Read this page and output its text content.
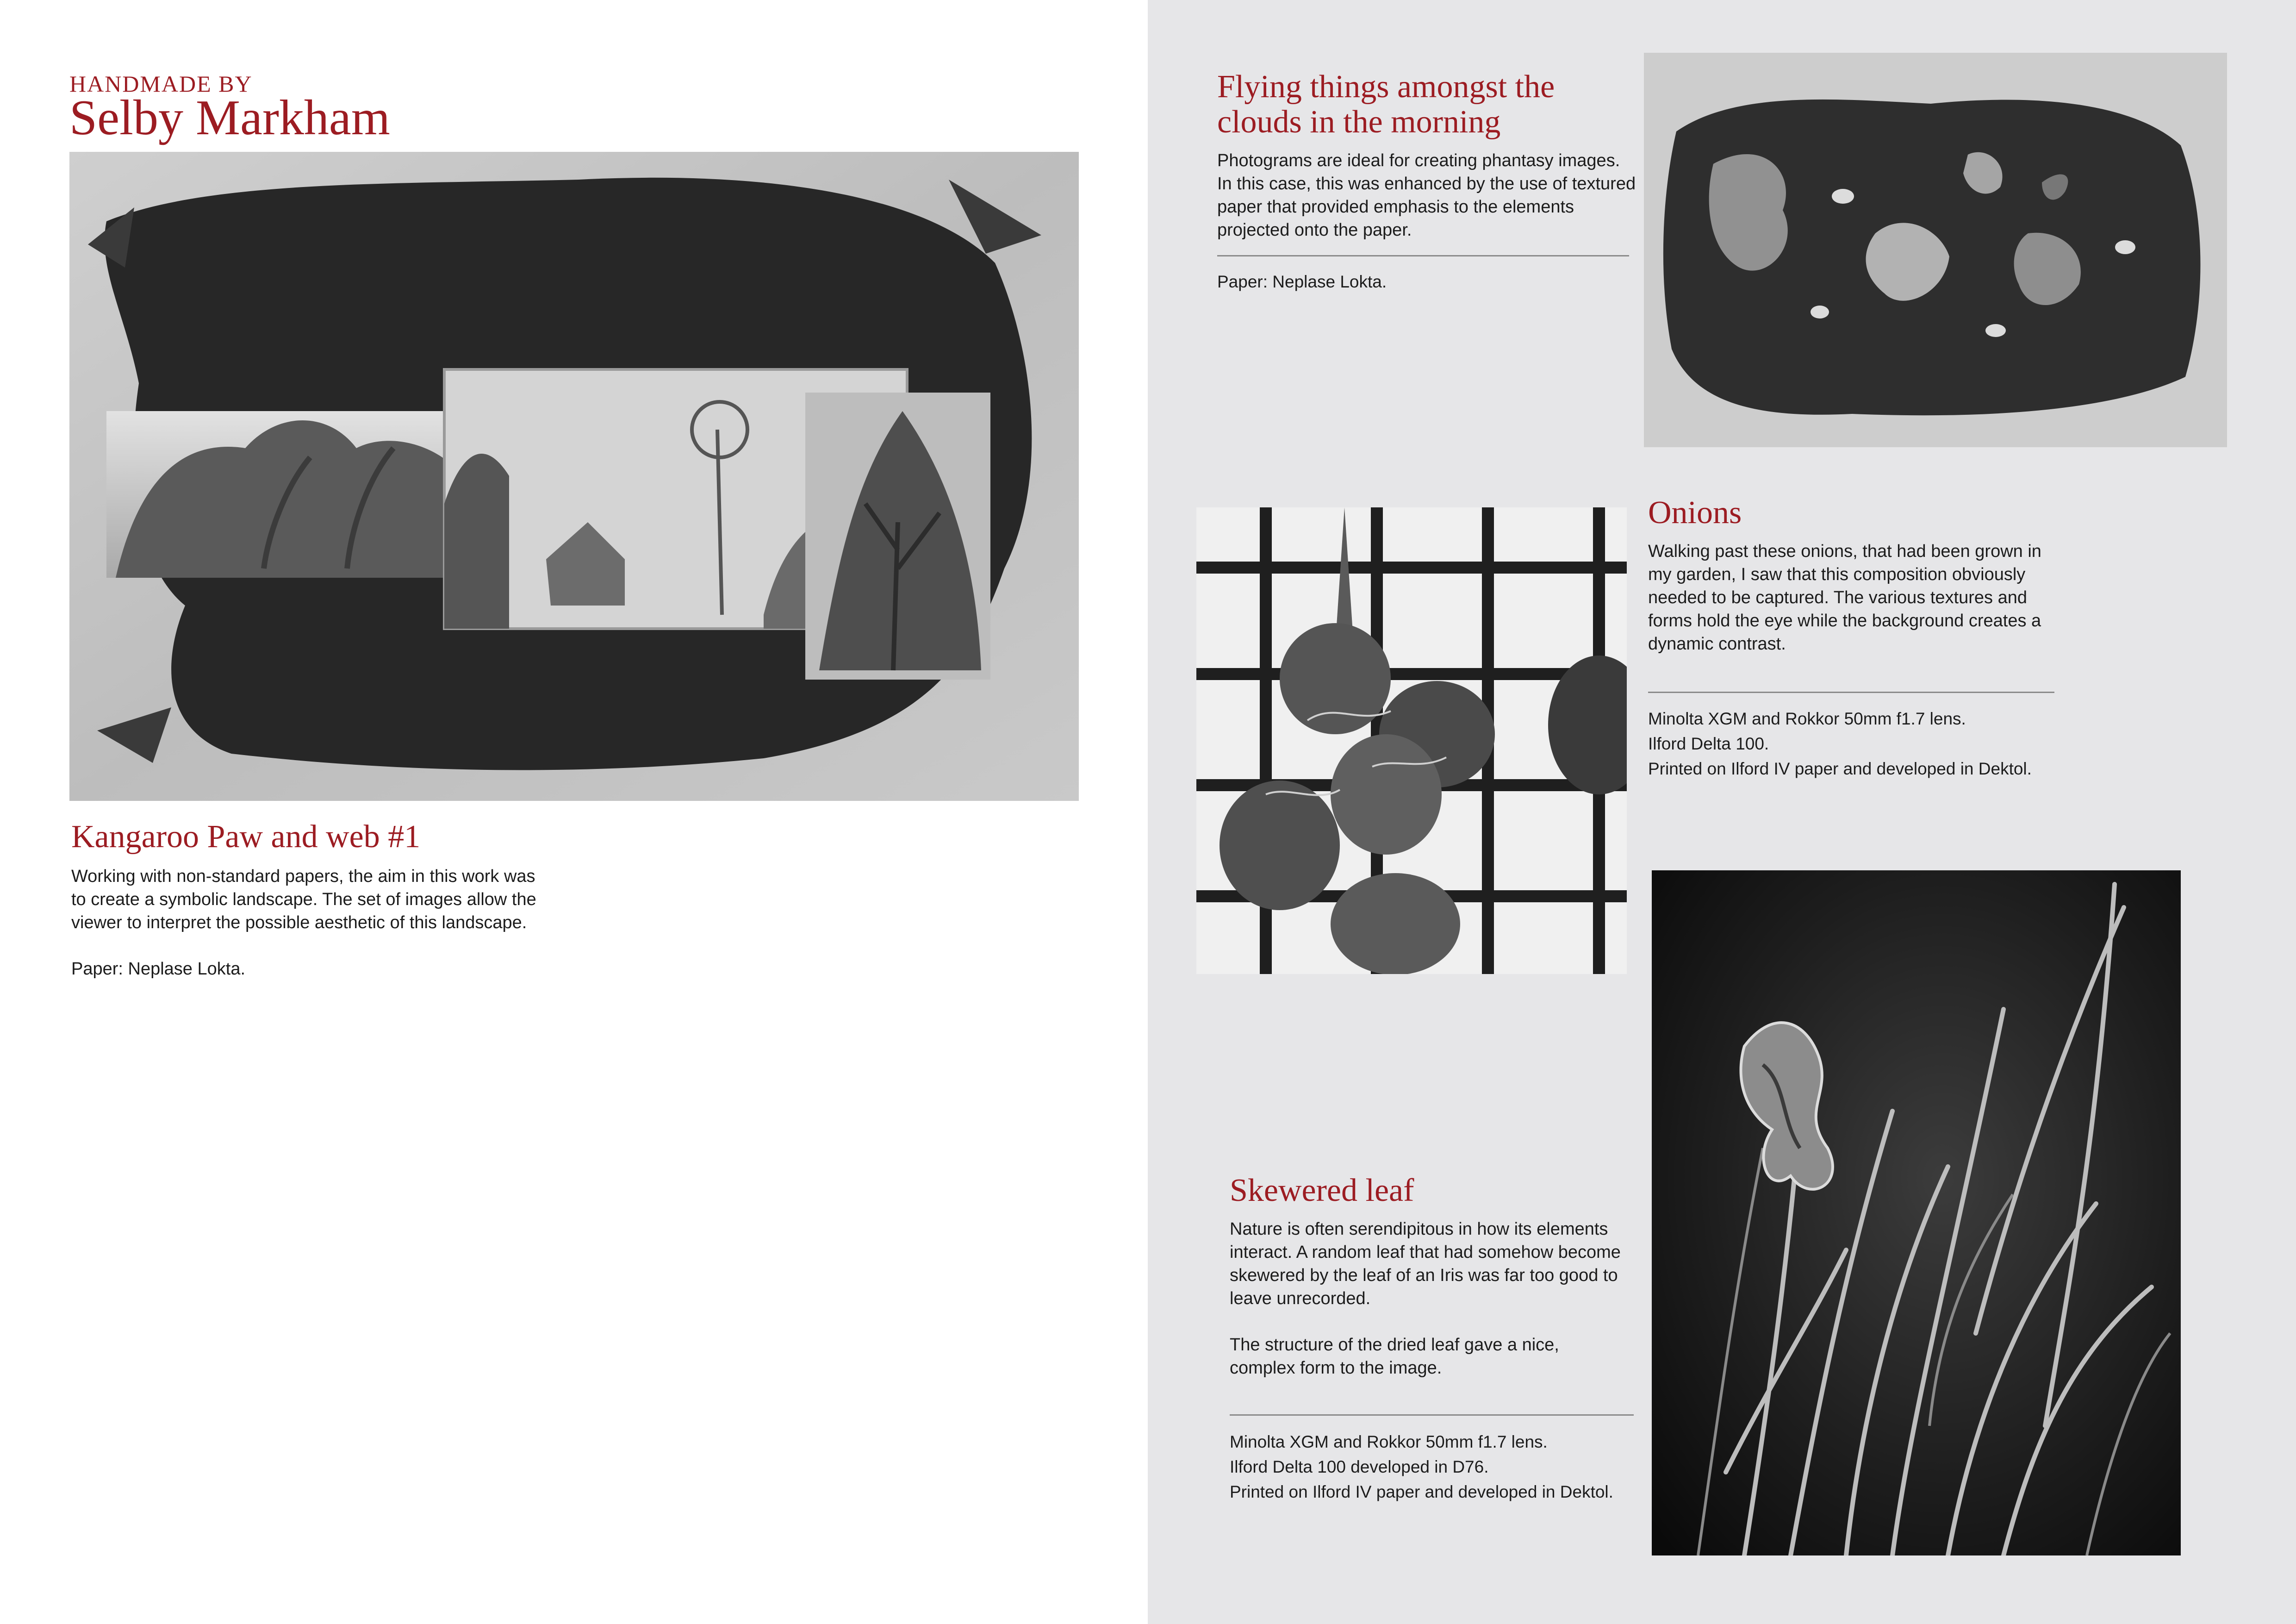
HANDMADE BY
Selby Markham
Kangaroo Paw and web #1

Working with non-standard papers, the aim in this work was to create a symbolic landscape. The set of images allow the viewer to interpret the possible aesthetic of this landscape.

Paper: Neplase Lokta.

Flying things amongst the clouds in the morning
Photograms are ideal for creating phantasy images. In this case, this was enhanced by the use of textured paper that provided emphasis to the elements projected onto the paper.
Paper: Neplase Lokta.
Onions
Walking past these onions, that had been grown in my garden, I saw that this composition obviously needed to be captured. The various textures and forms hold the eye while the background creates a dynamic contrast.
Minolta XGM and Rokkor 50mm f1.7 lens.
Ilford Delta 100.
Printed on Ilford IV paper and developed in Dektol.
Skewered leaf

Nature is often serendipitous in how its elements interact. A random leaf that had somehow become skewered by the leaf of an Iris was far too good to leave unrecorded.

The structure of the dried leaf gave a nice, complex form to the image.

Minolta XGM and Rokkor 50mm f1.7 lens.
Ilford Delta 100 developed in D76.
Printed on Ilford IV paper and developed in Dektol.
